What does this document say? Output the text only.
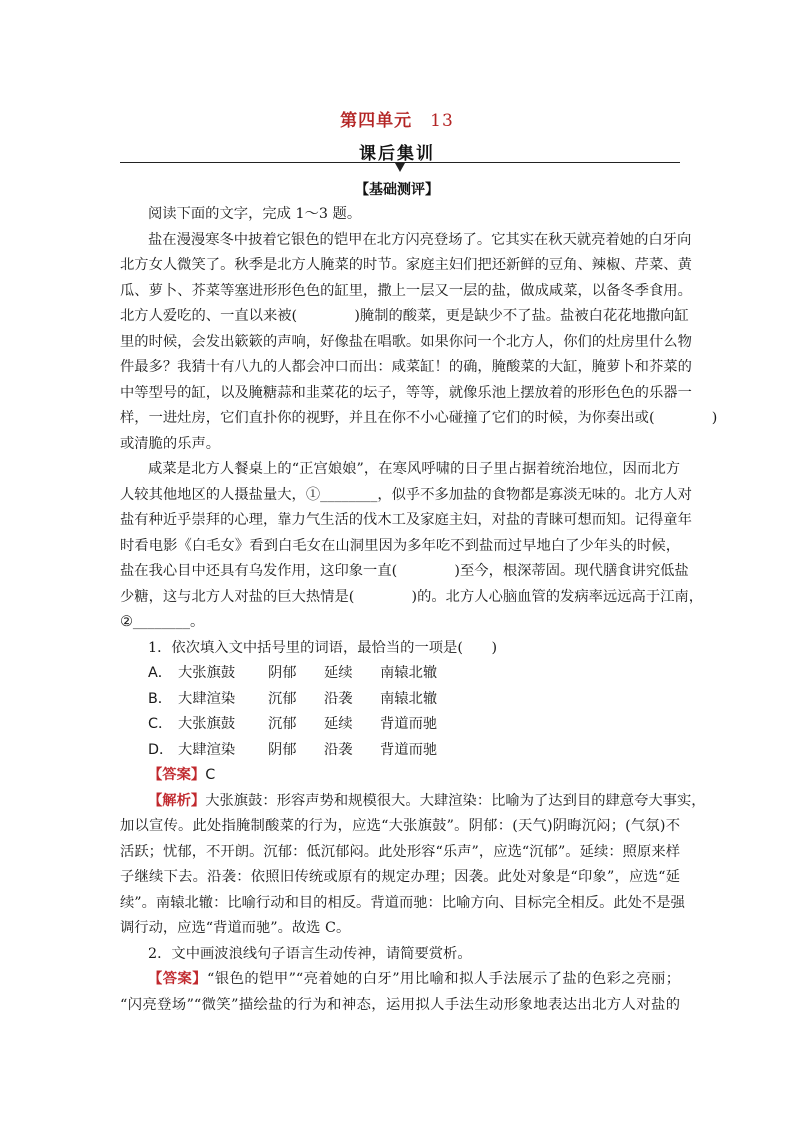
第四单元 13
课后集训
【基础测评】
阅读下面的文字，完成 1～3 题。
盐在漫漫寒冬中披着它银色的铠甲在北方闪亮登场了。它其实在秋天就亮着她的白牙向
北方女人微笑了。秋季是北方人腌菜的时节。家庭主妇们把还新鲜的豆角、辣椒、芹菜、黄
瓜、萝卜、芥菜等塞进形形色色的缸里，撒上一层又一层的盐，做成咸菜，以备冬季食用。
北方人爱吃的、一直以来被(　　　　)腌制的酸菜，更是缺少不了盐。盐被白花花地撒向缸
里的时候，会发出簌簌的声响，好像盐在唱歌。如果你问一个北方人，你们的灶房里什么物
件最多？我猜十有八九的人都会冲口而出：咸菜缸！的确，腌酸菜的大缸，腌萝卜和芥菜的
中等型号的缸，以及腌糖蒜和韭菜花的坛子，等等，就像乐池上摆放着的形形色色的乐器一
样，一进灶房，它们直扑你的视野，并且在你不小心碰撞了它们的时候，为你奏出或(　　　　)
或清脆的乐声。
咸菜是北方人餐桌上的“正宫娘娘”，在寒风呼啸的日子里占据着统治地位，因而北方
人较其他地区的人摄盐量大，①________，似乎不多加盐的食物都是寡淡无味的。北方人对
盐有种近乎崇拜的心理，靠力气生活的伐木工及家庭主妇，对盐的青睐可想而知。记得童年
时看电影《白毛女》看到白毛女在山洞里因为多年吃不到盐而过早地白了少年头的时候，
盐在我心目中还具有乌发作用，这印象一直(　　　　)至今，根深蒂固。现代膳食讲究低盐
少糖，这与北方人对盐的巨大热情是(　　　　)的。北方人心脑血管的发病率远远高于江南，
②________。
1．依次填入文中括号里的词语，最恰当的一项是(　　)
A． 大张旗鼓	阴郁	延续	南辕北辙
B． 大肆渲染	沉郁	沿袭	南辕北辙
C． 大张旗鼓	沉郁	延续	背道而驰
D． 大肆渲染	阴郁	沿袭	背道而驰
【答案】C
【解析】大张旗鼓：形容声势和规模很大。大肆渲染：比喻为了达到目的肆意夸大事实，
加以宣传。此处指腌制酸菜的行为，应选“大张旗鼓”。阴郁：(天气)阴晦沉闷；(气氛)不
活跃；忧郁，不开朗。沉郁：低沉郁闷。此处形容“乐声”，应选“沉郁”。延续：照原来样
子继续下去。沿袭：依照旧传统或原有的规定办理；因袭。此处对象是“印象”，应选“延
续”。南辕北辙：比喻行动和目的相反。背道而驰：比喻方向、目标完全相反。此处不是强
调行动，应选“背道而驰”。故选 C。
2．文中画波浪线句子语言生动传神，请简要赏析。
【答案】“银色的铠甲”“亮着她的白牙”用比喻和拟人手法展示了盐的色彩之亮丽；
“闪亮登场”“微笑”描绘盐的行为和神态，运用拟人手法生动形象地表达出北方人对盐的
